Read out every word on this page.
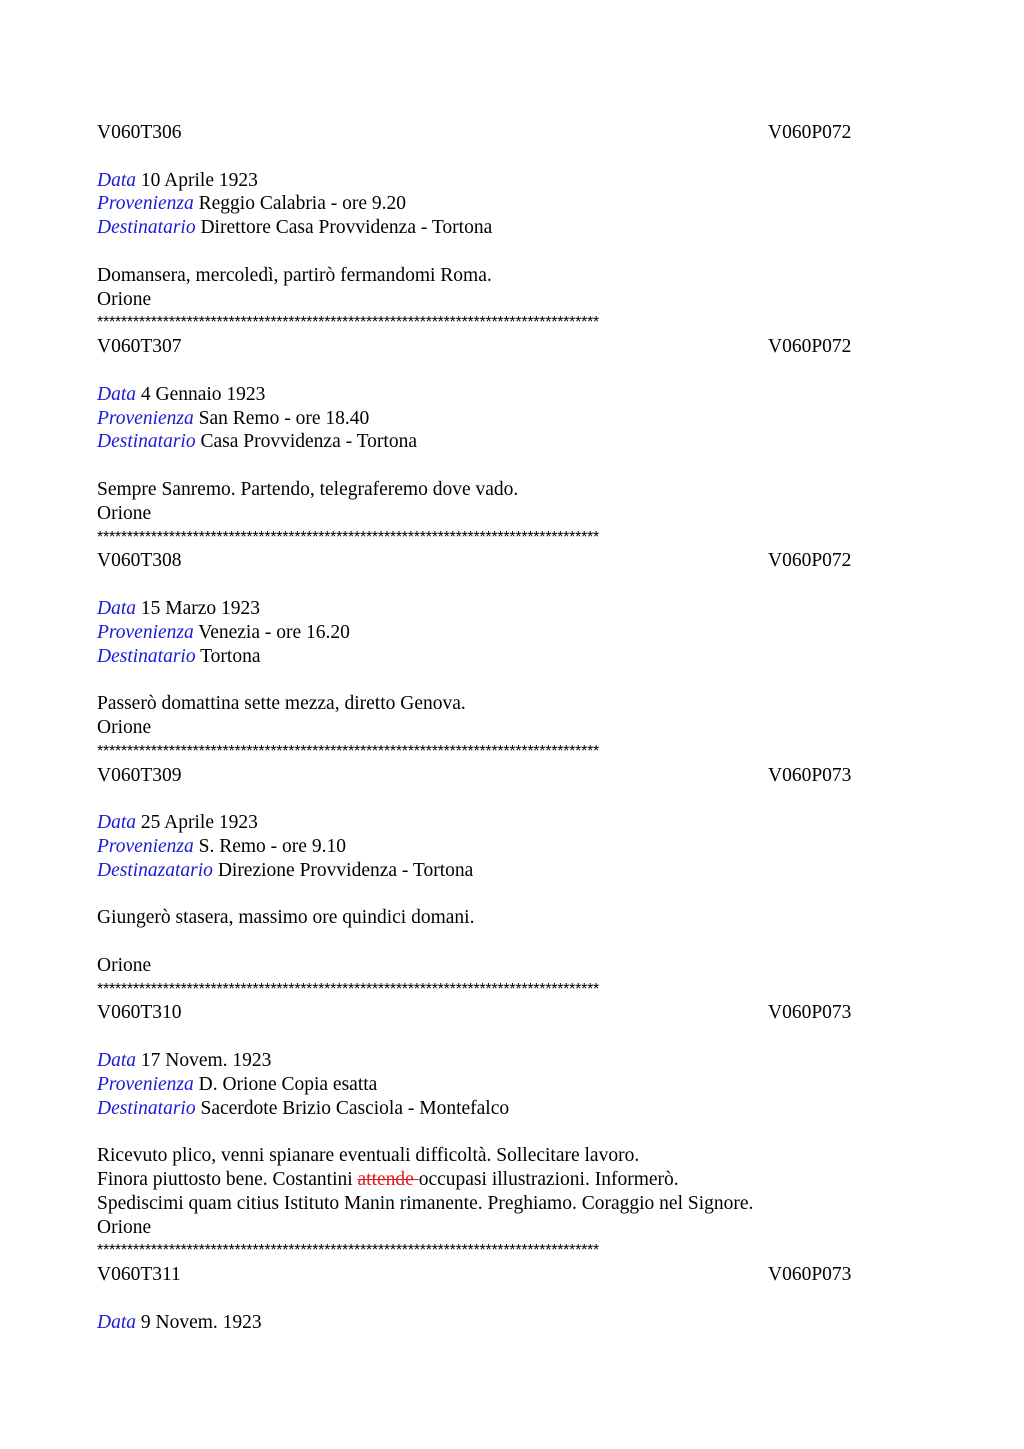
V060T306	V060P072
Data 10 Aprile 1923
Provenienza Reggio Calabria - ore 9.20
Destinatario Direttore Casa Provvidenza - Tortona
Domansera, mercoledì, partirò fermandomi Roma.
Orione
************************************************************************************
V060T307	V060P072
Data 4 Gennaio 1923
Provenienza San Remo - ore 18.40
Destinatario Casa Provvidenza - Tortona
Sempre Sanremo. Partendo, telegraferemo dove vado.
Orione
************************************************************************************
V060T308	V060P072
Data 15 Marzo 1923
Provenienza Venezia - ore 16.20
Destinatario Tortona
Passerò domattina sette mezza, diretto Genova.
Orione
************************************************************************************
V060T309	V060P073
Data 25 Aprile 1923
Provenienza S. Remo - ore 9.10
Destinazatario Direzione Provvidenza - Tortona
Giungerò stasera, massimo ore quindici domani.
Orione
************************************************************************************
V060T310	V060P073
Data 17 Novem. 1923
Provenienza D. Orione Copia esatta
Destinatario Sacerdote Brizio Casciola - Montefalco
Ricevuto plico, venni spianare eventuali difficoltà. Sollecitare lavoro.
Finora piuttosto bene. Costantini attende occupasi illustrazioni. Informerò.
Spediscimi quam citius Istituto Manin rimanente. Preghiamo. Coraggio nel Signore.
Orione
************************************************************************************
V060T311	V060P073
Data 9 Novem. 1923
